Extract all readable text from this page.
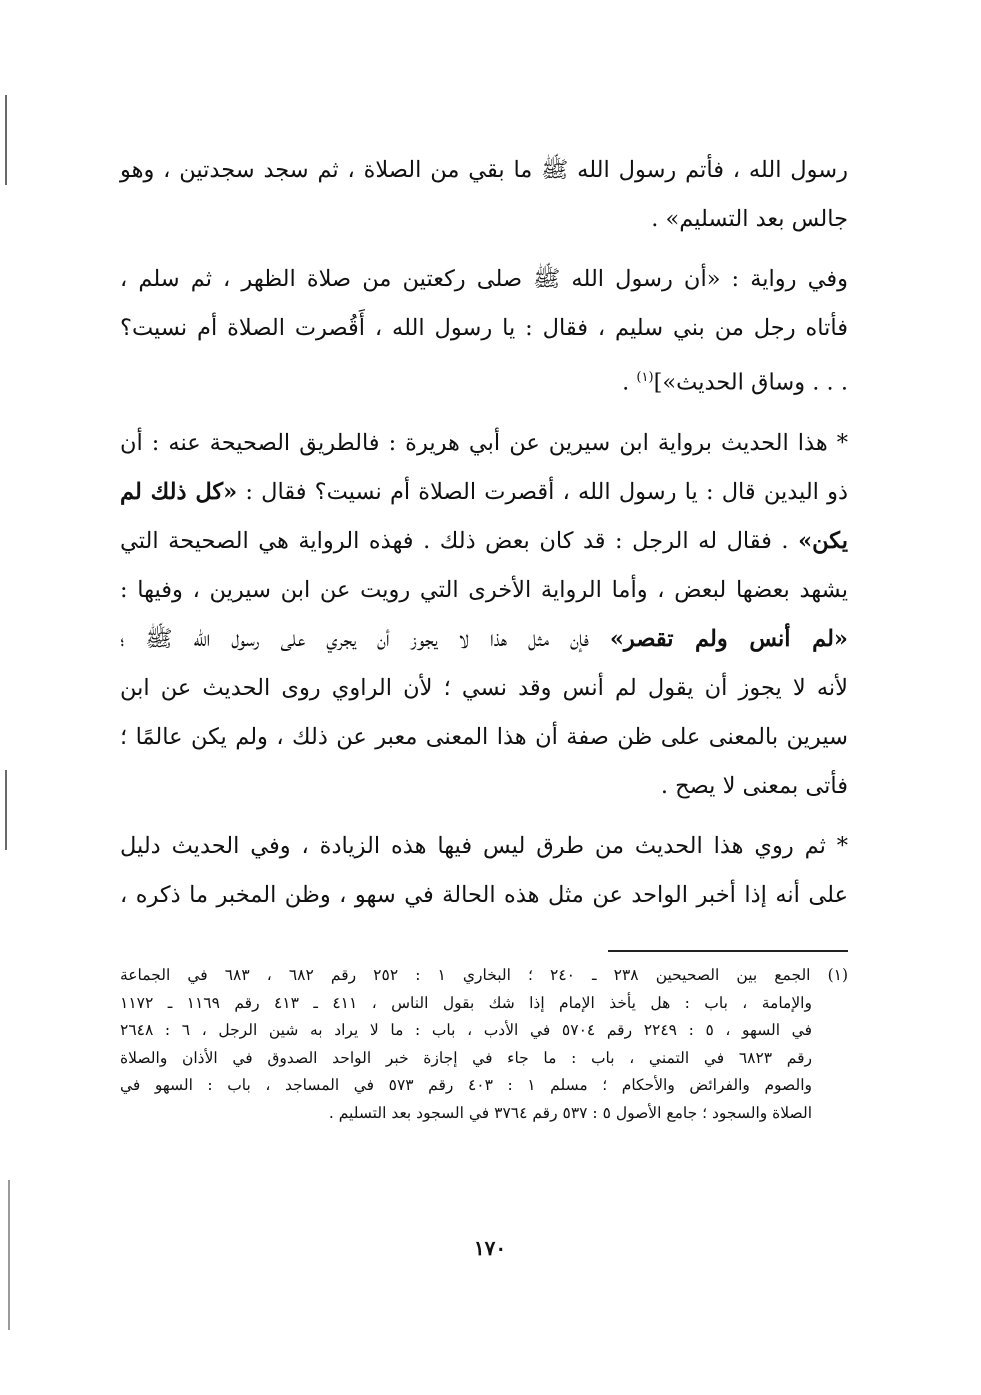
رسول الله ، فأتم رسول الله ﷺ ما بقي من الصلاة ، ثم سجد سجدتين ، وهو
جالس بعد التسليم» .
وفي رواية : «أن رسول الله ﷺ صلى ركعتين من صلاة الظهر ، ثم سلم ،
فأتاه رجل من بني سليم ، فقال : يا رسول الله ، أَقُصرت الصلاة أم نسيت؟
. . . وساق الحديث»]$^{(١)}$ .
* هذا الحديث برواية ابن سيرين عن أبي هريرة : فالطريق الصحيحة عنه : أن
ذو اليدين قال : يا رسول الله ، أقصرت الصلاة أم نسيت؟ فقال : «كل ذلك لم
يكن» . فقال له الرجل : قد كان بعض ذلك . فهذه الرواية هي الصحيحة التي
يشهد بعضها لبعض ، وأما الرواية الأخرى التي رويت عن ابن سيرين ، وفيها :
«لم أنس ولم تقصر» فإن مثل هذا لا يجوز أن يجري على رسول الله ﷺ ؛
لأنه لا يجوز أن يقول لم أنس وقد نسي ؛ لأن الراوي روى الحديث عن ابن
سيرين بالمعنى على ظن صفة أن هذا المعنى معبر عن ذلك ، ولم يكن عالمًا ؛
فأتى بمعنى لا يصح .
* ثم روي هذا الحديث من طرق ليس فيها هذه الزيادة ، وفي الحديث دليل
على أنه إذا أخبر الواحد عن مثل هذه الحالة في سهو ، وظن المخبر ما ذكره ،
(١) الجمع بين الصحيحين ٢٣٨ ـ ٢٤٠ ؛ البخاري ١ : ٢٥٢ رقم ٦٨٢ ، ٦٨٣ في الجماعة
والإمامة ، باب : هل يأخذ الإمام إذا شك بقول الناس ، ٤١١ ـ ٤١٣ رقم ١١٦٩ ـ ١١٧٢
في السهو ، ٥ : ٢٢٤٩ رقم ٥٧٠٤ في الأدب ، باب : ما لا يراد به شين الرجل ، ٦ : ٢٦٤٨
رقم ٦٨٢٣ في التمني ، باب : ما جاء في إجازة خبر الواحد الصدوق في الأذان والصلاة
والصوم والفرائض والأحكام ؛ مسلم ١ : ٤٠٣ رقم ٥٧٣ في المساجد ، باب : السهو في
الصلاة والسجود ؛ جامع الأصول ٥ : ٥٣٧ رقم ٣٧٦٤ في السجود بعد التسليم .
١٧٠
